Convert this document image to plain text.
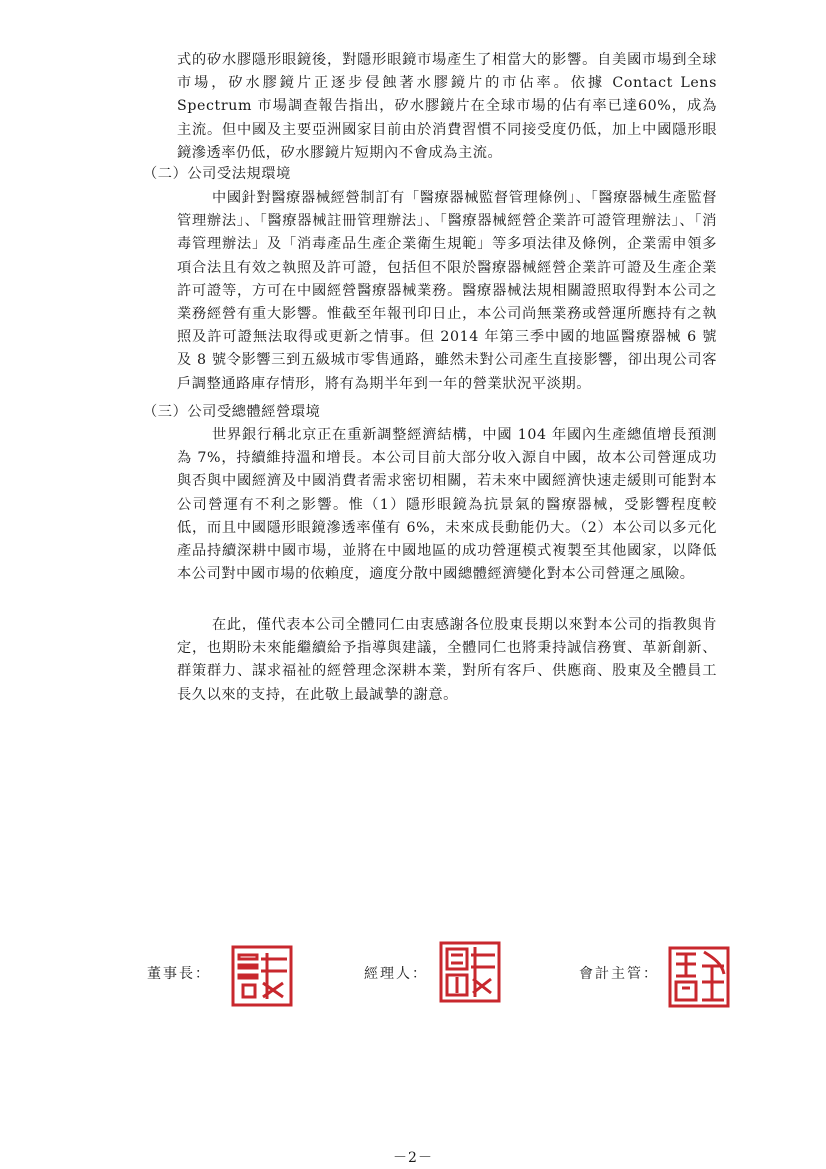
式的矽水膠隱形眼鏡後，對隱形眼鏡市場產生了相當大的影響。自美國市場到全球市場，矽水膠鏡片正逐步侵蝕著水膠鏡片的市佔率。依據 Contact Lens Spectrum 市場調查報告指出，矽水膠鏡片在全球市場的佔有率已達60%，成為主流。但中國及主要亞洲國家目前由於消費習慣不同接受度仍低，加上中國隱形眼鏡滲透率仍低，矽水膠鏡片短期內不會成為主流。
（二）公司受法規環境
中國針對醫療器械經營制訂有「醫療器械監督管理條例」、「醫療器械生產監督管理辦法」、「醫療器械註冊管理辦法」、「醫療器械經營企業許可證管理辦法」、「消毒管理辦法」及「消毒產品生產企業衛生規範」等多項法律及條例，企業需申領多項合法且有效之執照及許可證，包括但不限於醫療器械經營企業許可證及生產企業許可證等，方可在中國經營醫療器械業務。醫療器械法規相關證照取得對本公司之業務經營有重大影響。惟截至年報刊印日止，本公司尚無業務或營運所應持有之執照及許可證無法取得或更新之情事。但 2014 年第三季中國的地區醫療器械 6 號及 8 號令影響三到五級城市零售通路，雖然未對公司產生直接影響，卻出現公司客戶調整通路庫存情形，將有為期半年到一年的營業狀況平淡期。
（三）公司受總體經營環境
世界銀行稱北京正在重新調整經濟結構，中國 104 年國內生產總值增長預測為 7%，持續維持溫和增長。本公司目前大部分收入源自中國，故本公司營運成功與否與中國經濟及中國消費者需求密切相關，若未來中國經濟快速走緩則可能對本公司營運有不利之影響。惟（1）隱形眼鏡為抗景氣的醫療器械，受影響程度較低，而且中國隱形眼鏡滲透率僅有 6%，未來成長動能仍大。（2）本公司以多元化產品持續深耕中國市場，並將在中國地區的成功營運模式複製至其他國家，以降低本公司對中國市場的依賴度，適度分散中國總體經濟變化對本公司營運之風險。
在此，僅代表本公司全體同仁由衷感謝各位股東長期以來對本公司的指教與肯定，也期盼未來能繼續給予指導與建議，全體同仁也將秉持誠信務實、革新創新、群策群力、謀求福祉的經營理念深耕本業，對所有客戶、供應商、股東及全體員工長久以來的支持，在此敬上最誠摯的謝意。
董事長：	經理人：	會計主管：
－2－
